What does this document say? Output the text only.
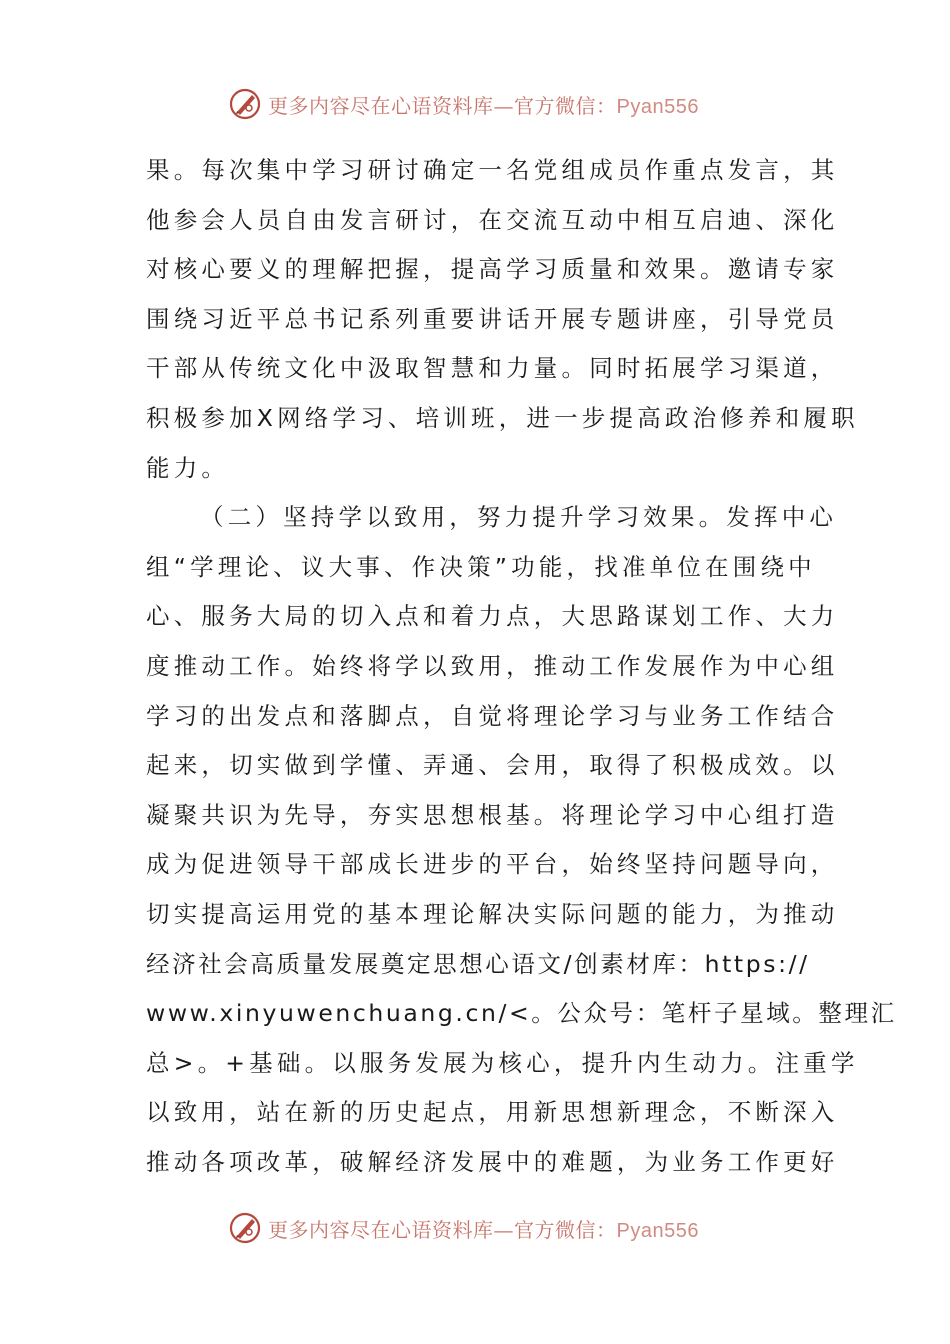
更多内容尽在心语资料库—官方微信：Pyan556
果。每次集中学习研讨确定一名党组成员作重点发言，其
他参会人员自由发言研讨，在交流互动中相互启迪、深化
对核心要义的理解把握，提高学习质量和效果。邀请专家
围绕习近平总书记系列重要讲话开展专题讲座，引导党员
干部从传统文化中汲取智慧和力量。同时拓展学习渠道，
积极参加X网络学习、培训班，进一步提高政治修养和履职
能力。
（二）坚持学以致用，努力提升学习效果。发挥中心
组“学理论、议大事、作决策”功能，找准单位在围绕中
心、服务大局的切入点和着力点，大思路谋划工作、大力
度推动工作。始终将学以致用，推动工作发展作为中心组
学习的出发点和落脚点，自觉将理论学习与业务工作结合
起来，切实做到学懂、弄通、会用，取得了积极成效。以
凝聚共识为先导，夯实思想根基。将理论学习中心组打造
成为促进领导干部成长进步的平台，始终坚持问题导向，
切实提高运用党的基本理论解决实际问题的能力，为推动
经济社会高质量发展奠定思想心语文/创素材库：https://
www.xinyuwenchuang.cn/<。公众号：笔杆子星域。整理汇
总>。+基础。以服务发展为核心，提升内生动力。注重学
以致用，站在新的历史起点，用新思想新理念，不断深入
推动各项改革，破解经济发展中的难题，为业务工作更好
更多内容尽在心语资料库—官方微信：Pyan556
